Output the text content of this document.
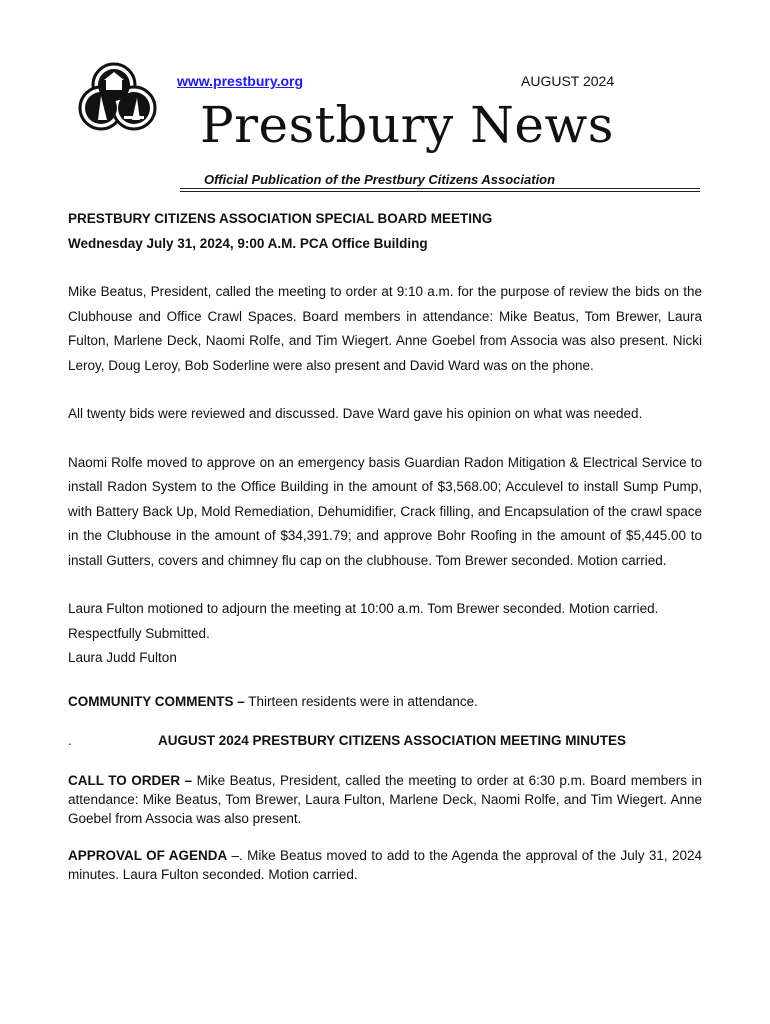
www.prestbury.org	AUGUST 2024
Prestbury News
Official Publication of the Prestbury Citizens Association
PRESTBURY CITIZENS ASSOCIATION SPECIAL BOARD MEETING
Wednesday July 31, 2024, 9:00 A.M. PCA Office Building

Mike Beatus, President, called the meeting to order at 9:10 a.m. for the purpose of review the bids on the Clubhouse and Office Crawl Spaces. Board members in attendance: Mike Beatus, Tom Brewer, Laura Fulton, Marlene Deck, Naomi Rolfe, and Tim Wiegert. Anne Goebel from Associa was also present. Nicki Leroy, Doug Leroy, Bob Soderline were also present and David Ward was on the phone.

All twenty bids were reviewed and discussed. Dave Ward gave his opinion on what was needed.

Naomi Rolfe moved to approve on an emergency basis Guardian Radon Mitigation & Electrical Service to install Radon System to the Office Building in the amount of $3,568.00; Acculevel to install Sump Pump, with Battery Back Up, Mold Remediation, Dehumidifier, Crack filling, and Encapsulation of the crawl space in the Clubhouse in the amount of $34,391.79; and approve Bohr Roofing in the amount of $5,445.00 to install Gutters, covers and chimney flu cap on the clubhouse. Tom Brewer seconded. Motion carried.

Laura Fulton motioned to adjourn the meeting at 10:00 a.m. Tom Brewer seconded. Motion carried.

Respectfully Submitted.

Laura Judd Fulton

COMMUNITY COMMENTS – Thirteen residents were in attendance.

.	AUGUST 2024 PRESTBURY CITIZENS ASSOCIATION MEETING MINUTES

CALL TO ORDER – Mike Beatus, President, called the meeting to order at 6:30 p.m. Board members in attendance: Mike Beatus, Tom Brewer, Laura Fulton, Marlene Deck, Naomi Rolfe, and Tim Wiegert. Anne Goebel from Associa was also present.

APPROVAL OF AGENDA –. Mike Beatus moved to add to the Agenda the approval of the July 31, 2024 minutes. Laura Fulton seconded. Motion carried.
